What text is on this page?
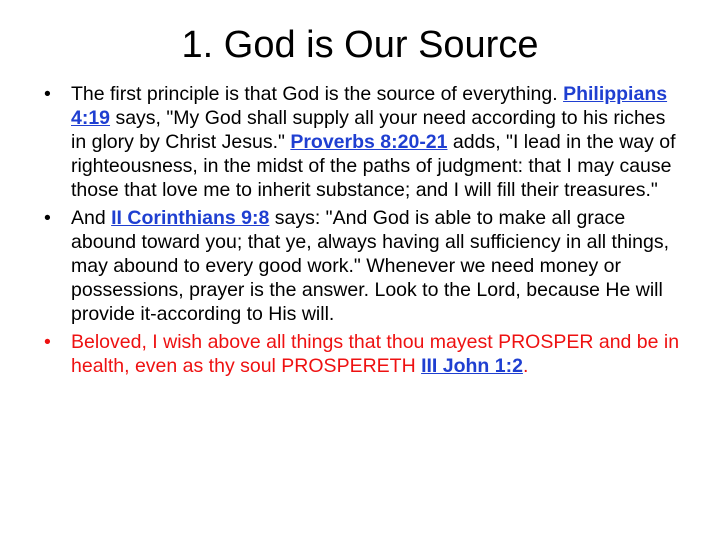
1. God is Our Source
•	The first principle is that God is the source of everything. Philippians 4:19 says, "My God shall supply all your need according to his riches in glory by Christ Jesus." Proverbs 8:20-21 adds, "I lead in the way of righteousness, in the midst of the paths of judgment: that I may cause those that love me to inherit substance; and I will fill their treasures."
•	And II Corinthians 9:8 says: "And God is able to make all grace abound toward you; that ye, always having all sufficiency in all things, may abound to every good work." Whenever we need money or possessions, prayer is the answer. Look to the Lord, because He will provide it-according to His will.
•	Beloved, I wish above all things that thou mayest PROSPER and be in health, even as thy soul PROSPERETH III John 1:2.
